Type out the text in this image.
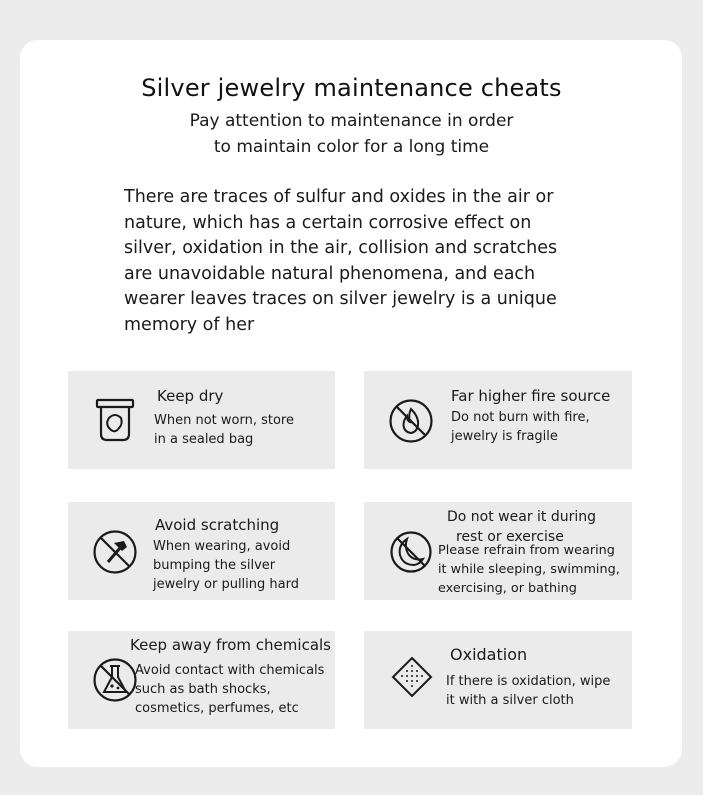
Silver jewelry maintenance cheats
Pay attention to maintenance in order
to maintain color for a long time
There are traces of sulfur and oxides in the air or
nature, which has a certain corrosive effect on
silver, oxidation in the air, collision and scratches
are unavoidable natural phenomena, and each
wearer leaves traces on silver jewelry is a unique
memory of her
Keep dry
When not worn, store
in a sealed bag
Far higher fire source
Do not burn with fire,
jewelry is fragile
Avoid scratching
When wearing, avoid
bumping the silver
jewelry or pulling hard
Do not wear it during
rest or exercise
Please refrain from wearing
it while sleeping, swimming,
exercising, or bathing
Keep away from chemicals
Avoid contact with chemicals
such as bath shocks,
cosmetics, perfumes, etc
Oxidation
If there is oxidation, wipe
it with a silver cloth
